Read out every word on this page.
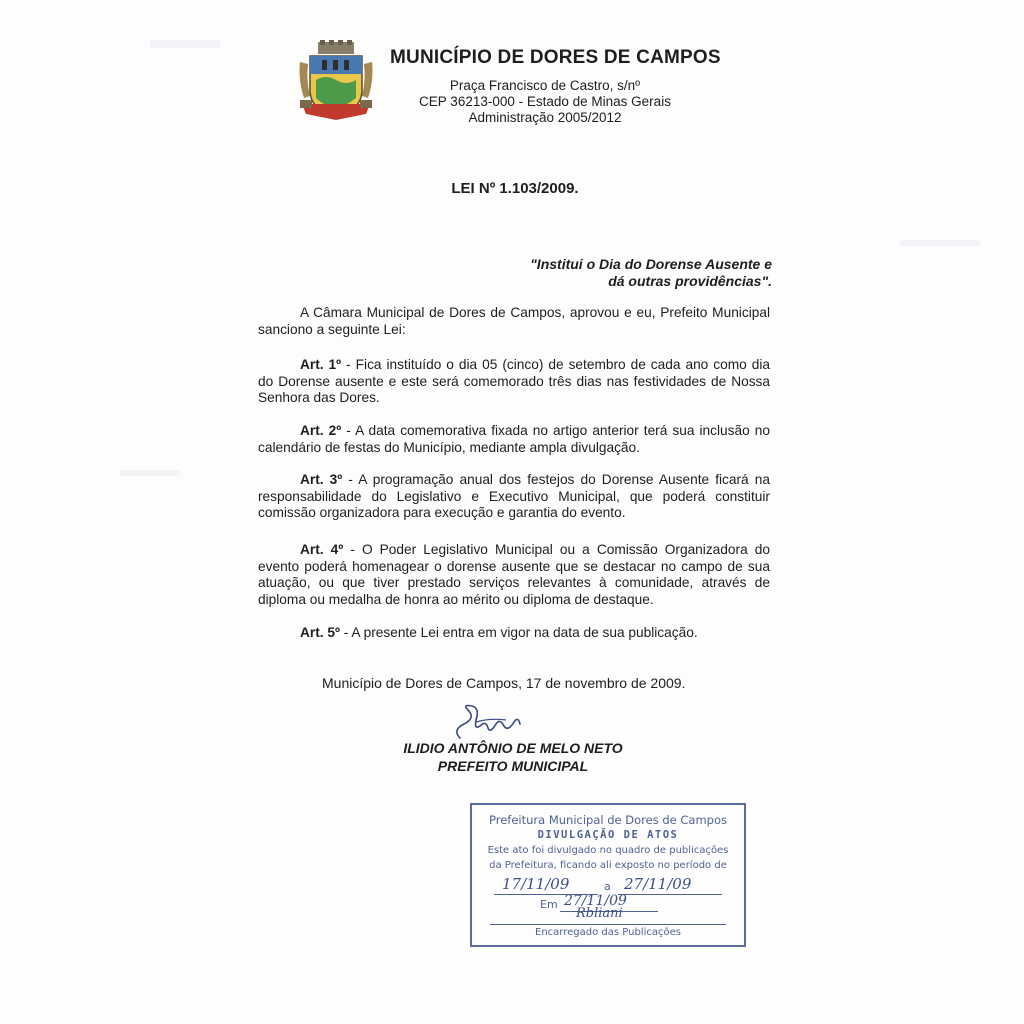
MUNICÍPIO DE DORES DE CAMPOS
Praça Francisco de Castro, s/nº
CEP 36213-000 - Estado de Minas Gerais
Administração 2005/2012
LEI Nº 1.103/2009.
"Institui o Dia do Dorense Ausente e
dá outras providências".
A Câmara Municipal de Dores de Campos, aprovou e eu, Prefeito Municipal sanciono a seguinte Lei:
Art. 1º - Fica instituído o dia 05 (cinco) de setembro de cada ano como dia do Dorense ausente e este será comemorado três dias nas festividades de Nossa Senhora das Dores.
Art. 2º - A data comemorativa fixada no artigo anterior terá sua inclusão no calendário de festas do Município, mediante ampla divulgação.
Art. 3º - A programação anual dos festejos do Dorense Ausente ficará na responsabilidade do Legislativo e Executivo Municipal, que poderá constituir comissão organizadora para execução e garantia do evento.
Art. 4º - O Poder Legislativo Municipal ou a Comissão Organizadora do evento poderá homenagear o dorense ausente que se destacar no campo de sua atuação, ou que tiver prestado serviços relevantes à comunidade, através de diploma ou medalha de honra ao mérito ou diploma de destaque.
Art. 5º - A presente Lei entra em vigor na data de sua publicação.
Município de Dores de Campos, 17 de novembro de 2009.
ILIDIO ANTÔNIO DE MELO NETO
PREFEITO MUNICIPAL
Prefeitura Municipal de Dores de Campos
DIVULGAÇÃO DE ATOS
Este ato foi divulgado no quadro de publicações
da Prefeitura, ficando ali exposto no período de
17/11/09	a 27/11/09
Em 27/11/09
Rbliani
Encarregado das Publicações
